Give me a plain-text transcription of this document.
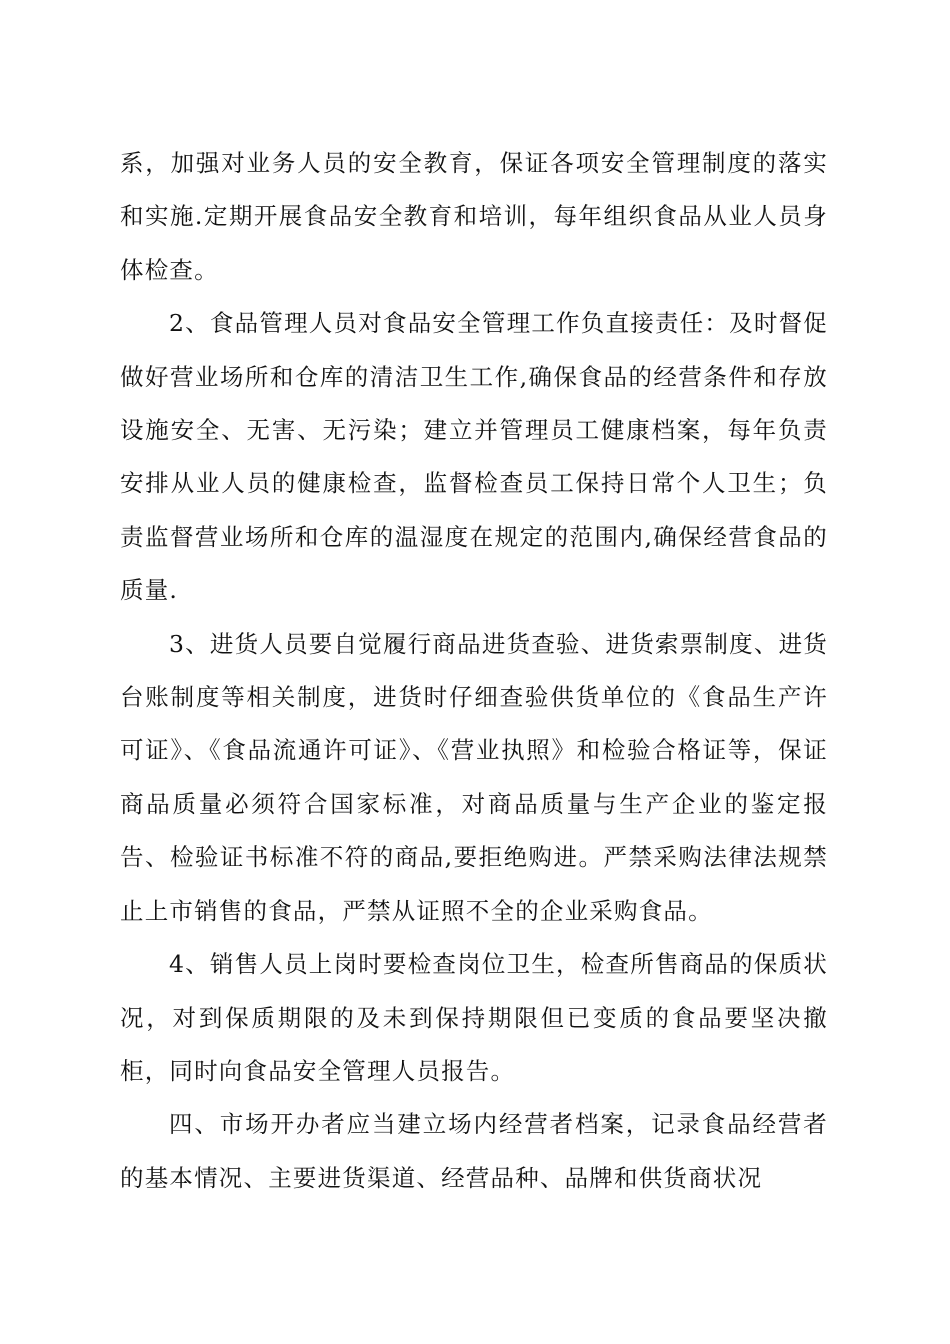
系，加强对业务人员的安全教育，保证各项安全管理制度的落实和实施.定期开展食品安全教育和培训，每年组织食品从业人员身体检查。

2、食品管理人员对食品安全管理工作负直接责任：及时督促做好营业场所和仓库的清洁卫生工作,确保食品的经营条件和存放设施安全、无害、无污染；建立并管理员工健康档案，每年负责安排从业人员的健康检查，监督检查员工保持日常个人卫生；负责监督营业场所和仓库的温湿度在规定的范围内,确保经营食品的质量.

3、进货人员要自觉履行商品进货查验、进货索票制度、进货台账制度等相关制度，进货时仔细查验供货单位的《食品生产许可证》、《食品流通许可证》、《营业执照》和检验合格证等，保证商品质量必须符合国家标准，对商品质量与生产企业的鉴定报告、检验证书标准不符的商品,要拒绝购进。严禁采购法律法规禁止上市销售的食品，严禁从证照不全的企业采购食品。

4、销售人员上岗时要检查岗位卫生，检查所售商品的保质状况，对到保质期限的及未到保持期限但已变质的食品要坚决撤柜，同时向食品安全管理人员报告。

四、市场开办者应当建立场内经营者档案，记录食品经营者的基本情况、主要进货渠道、经营品种、品牌和供货商状况
